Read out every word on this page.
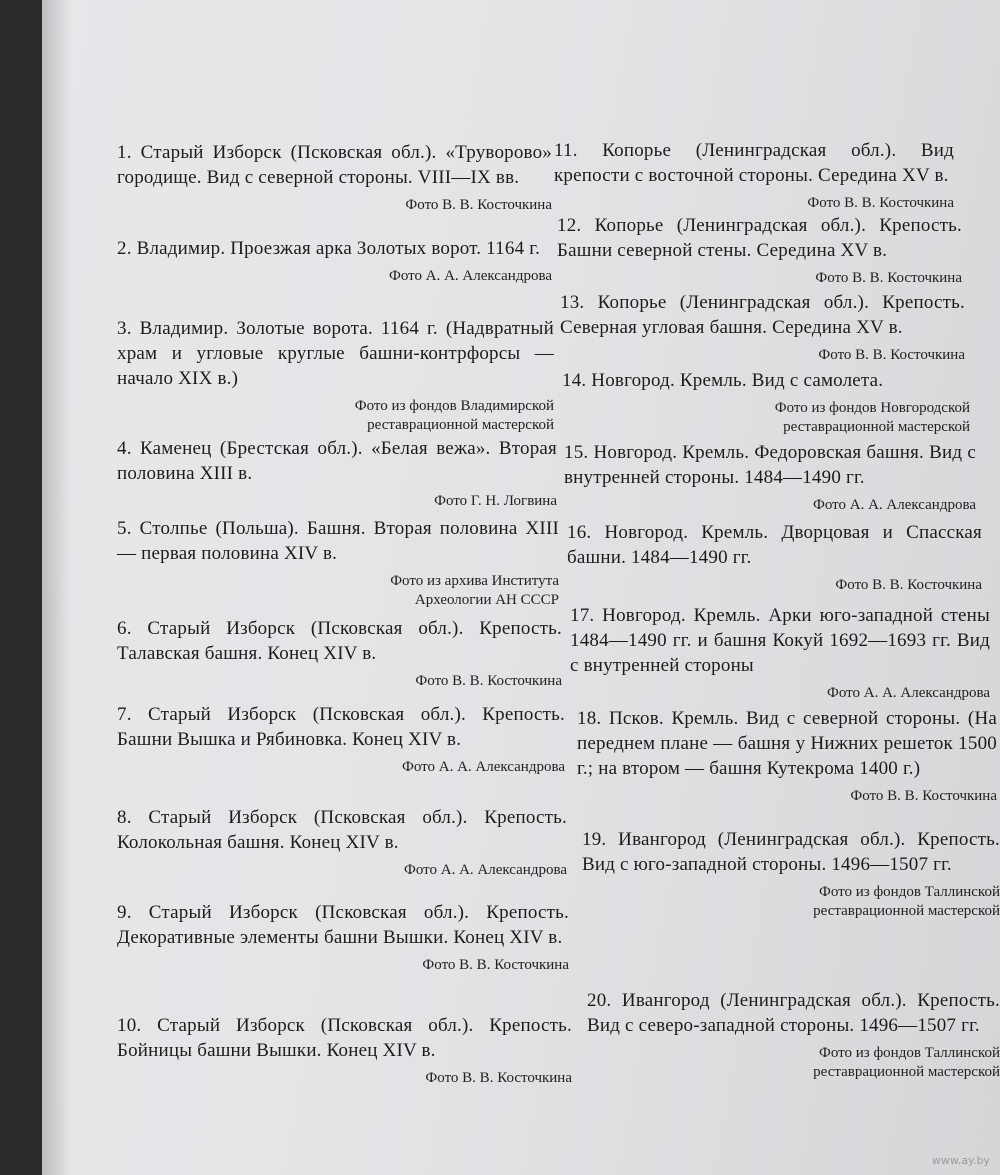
1. Старый Изборск (Псковская обл.). «Труворово» городище. Вид с северной стороны. VIII—IX вв.
Фото В. В. Косточкина
2. Владимир. Проезжая арка Золотых ворот. 1164 г.
Фото А. А. Александрова
3. Владимир. Золотые ворота. 1164 г. (Надвратный храм и угловые круглые башни-контрфорсы — начало XIX в.)
Фото из фондов Владимирской реставрационной мастерской
4. Каменец (Брестская обл.). «Белая вежа». Вторая половина XIII в.
Фото Г. Н. Логвина
5. Столпье (Польша). Башня. Вторая половина XIII — первая половина XIV в.
Фото из архива Института Археологии АН СССР
6. Старый Изборск (Псковская обл.). Крепость. Талавская башня. Конец XIV в.
Фото В. В. Косточкина
7. Старый Изборск (Псковская обл.). Крепость. Башни Вышка и Рябиновка. Конец XIV в.
Фото А. А. Александрова
8. Старый Изборск (Псковская обл.). Крепость. Колокольная башня. Конец XIV в.
Фото А. А. Александрова
9. Старый Изборск (Псковская обл.). Крепость. Декоративные элементы башни Вышки. Конец XIV в.
Фото В. В. Косточкина
10. Старый Изборск (Псковская обл.). Крепость. Бойницы башни Вышки. Конец XIV в.
Фото В. В. Косточкина
11. Копорье (Ленинградская обл.). Вид крепости с восточной стороны. Середина XV в.
Фото В. В. Косточкина
12. Копорье (Ленинградская обл.). Крепость. Башни северной стены. Середина XV в.
Фото В. В. Косточкина
13. Копорье (Ленинградская обл.). Крепость. Северная угловая башня. Середина XV в.
Фото В. В. Косточкина
14. Новгород. Кремль. Вид с самолета.
Фото из фондов Новгородской реставрационной мастерской
15. Новгород. Кремль. Федоровская башня. Вид с внутренней стороны. 1484—1490 гг.
Фото А. А. Александрова
16. Новгород. Кремль. Дворцовая и Спасская башни. 1484—1490 гг.
Фото В. В. Косточкина
17. Новгород. Кремль. Арки юго-западной стены 1484—1490 гг. и башня Кокуй 1692—1693 гг. Вид с внутренней стороны
Фото А. А. Александрова
18. Псков. Кремль. Вид с северной стороны. (На переднем плане — башня у Нижних решеток 1500 г.; на втором — башня Кутекрома 1400 г.)
Фото В. В. Косточкина
19. Ивангород (Ленинградская обл.). Крепость. Вид с юго-западной стороны. 1496—1507 гг.
Фото из фондов Таллинской реставрационной мастерской
20. Ивангород (Ленинградская обл.). Крепость. Вид с северо-западной стороны. 1496—1507 гг.
Фото из фондов Таллинской реставрационной мастерской
www.ay.by
